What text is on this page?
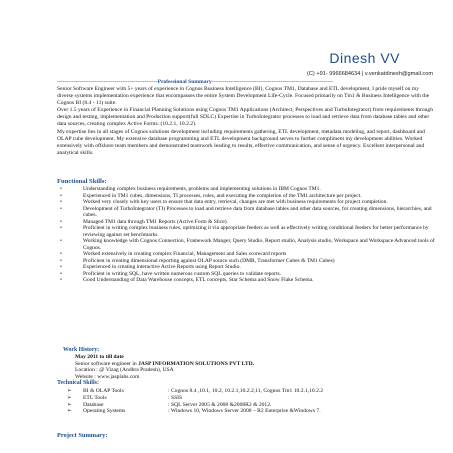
Dinesh VV
(C) +91- 9966684634 | v.venkatdinesh@gmail.com
------------------------------------------------------Professional Summary-----------------------------------------------------------------

Senior Software Engineer with 5+ years of experience in Cognos Business Intelligence (BI), Cognos TM1, Database and ETL development, I pride myself on my diverse systems implementation experience that encompasses the entire System Development Life-Cycle. Focused primarily on Tm1 & Business Intelligence with the Cognos BI (8.4 - 11) suite.

Over 1.5 years of Experience in Financial Planning Solutions using Cognos TM1 Applications (Architect, Perspectives and TurboIntegrator) from requirements through design and testing, implementation and Production support(full SDLC) Expertise in TurboIntegrator processes to load and retrieve data from database tables and other data sources, creating complex Active Forms. (10.2.1, 10.2.2).

My expertise lies in all stages of Cognos solutions development including requirements gathering, ETL development, metadata modeling, and report, dashboard and OLAP cube development. My extensive database programming and ETL development background serves to further compliment my development abilities. Worked extensively with offshore team members and demonstrated teamwork leading to results, effective communication, and sense of urgency. Excellent interpersonal and analytical skills.

Functional Skills:
•	Understanding complex business requirements, problems and implementing solutions in IBM Cognos TM1.
•	Experienced in TM1 cubes, dimensions, TI processes, rules, and executing the completion of the TM1 architecture per project.
•	Worked very closely with key users to ensure that data entry, retrieval, changes are met with business requirements for project completion.
•	Development of TurboIntegrator (TI) Processes to load and retrieve data from database tables and other data sources, for creating dimensions, hierarchies, and cubes.
•	Managed TM1 data through TM1 Reports (Active Form & Slice).
•	Proficient in writing complex business rules, optimizing it via appropriate feeders as well as effectively writing conditional feeders for better performance by reviewing against set benchmarks.
•	Working knowledge with Cognos Connection, Framework Manger, Query Studio, Report studio, Analysis studio, Workspace and Workspace Advanced tools of Cognos.
•	Worked extensively in creating complex Financial, Management and Sales scorecard reports
•	Proficient in creating dimensional reporting against OLAP source such (DMR, Transformer Cubes & TM1 Cubes)
•	Experienced in creating interactive Active Reports using Report Studio.
•	Proficient in writing SQL, have written numerous custom SQL queries to validate reports.
•	Good Understanding of Data Warehouse concepts, ETL concepts, Star Schema and Snow Flake Schema.
Work History:
May 2011 to till date
Senior software engineer in JASP INFORMATION SOLUTIONS PVT LTD.
Location : @ Vizag (Andhra Pradesh), USA
Website : www.jasplabs.com
Technical Skills:
➢	BI & OLAP Tools	: Cognos 8.4 ,10.1, 10.2, 10.2.1,10.2.2,11, Cognos Tm1 10.2.1,10.2.2
➢	ETL Tools	: SSIS
➢	Database	: SQL Server 2005 & 2008 &2008R2 & 2012.
➢	Operating Systems	: Windows 10, Windows Server 2008 – R2 Enterprise &Windows 7.
Project Summary:
